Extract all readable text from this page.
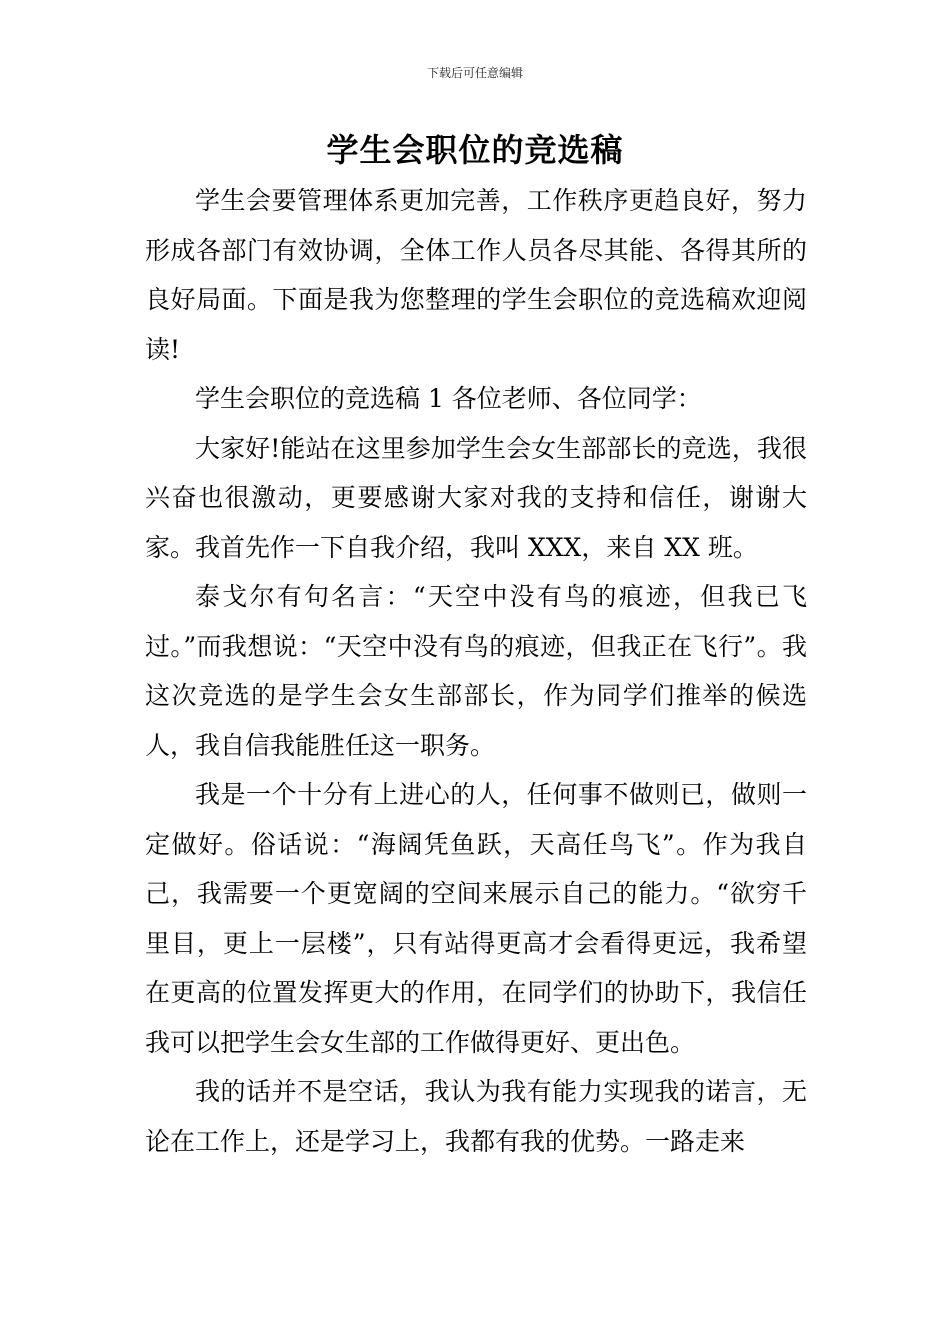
下载后可任意编辑
学生会职位的竞选稿

学生会要管理体系更加完善，工作秩序更趋良好，努力形成各部门有效协调，全体工作人员各尽其能、各得其所的良好局面。下面是我为您整理的学生会职位的竞选稿欢迎阅读!

学生会职位的竞选稿 1 各位老师、各位同学：

大家好!能站在这里参加学生会女生部部长的竞选，我很兴奋也很激动，更要感谢大家对我的支持和信任，谢谢大家。我首先作一下自我介绍，我叫 XXX，来自 XX 班。

泰戈尔有句名言：“天空中没有鸟的痕迹，但我已飞过。”而我想说：“天空中没有鸟的痕迹，但我正在飞行”。我这次竞选的是学生会女生部部长，作为同学们推举的候选人，我自信我能胜任这一职务。

我是一个十分有上进心的人，任何事不做则已，做则一定做好。俗话说：“海阔凭鱼跃，天高任鸟飞”。作为我自己，我需要一个更宽阔的空间来展示自己的能力。“欲穷千里目，更上一层楼”，只有站得更高才会看得更远，我希望在更高的位置发挥更大的作用，在同学们的协助下，我信任我可以把学生会女生部的工作做得更好、更出色。

我的话并不是空话，我认为我有能力实现我的诺言，无论在工作上，还是学习上，我都有我的优势。一路走来
